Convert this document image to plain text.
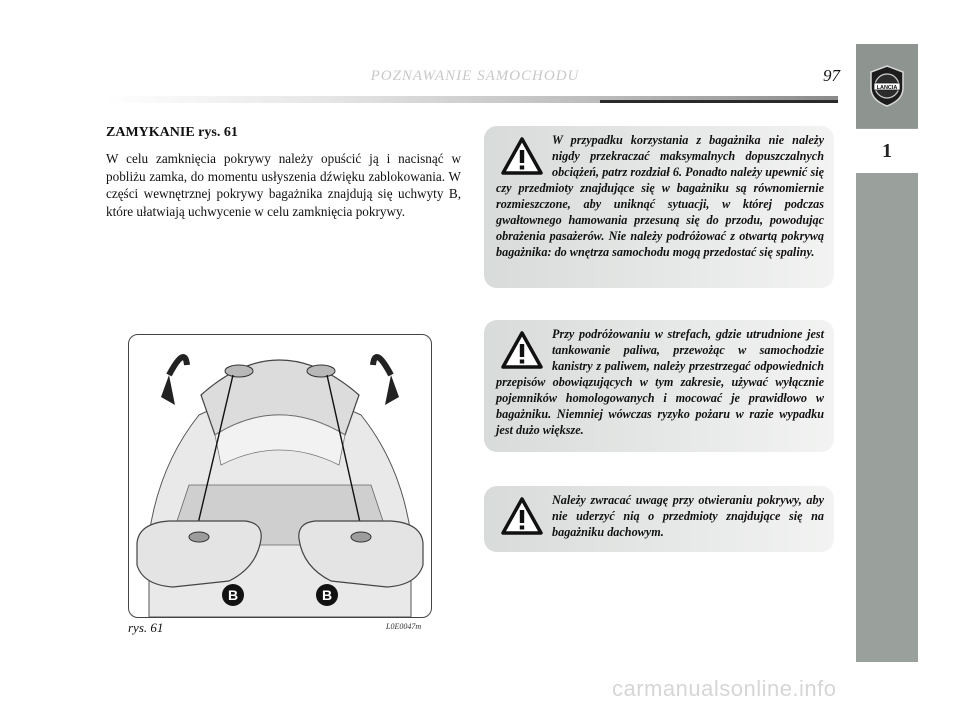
POZNAWANIE SAMOCHODU	97
LANCIA
1
ZAMYKANIE rys. 61
W celu zamknięcia pokrywy należy opuścić ją i nacisnąć w pobliżu zamka, do momentu usłyszenia dźwięku zablokowania. W części wewnętrznej pokrywy bagażnika znajdują się uchwyty B, które ułatwiają uchwycenie w celu zamknięcia pokrywy.
W przypadku korzystania z bagażnika nie należy nigdy przekraczać maksymalnych dopuszczalnych obciążeń, patrz rozdział 6. Ponadto należy upewnić się czy przedmioty znajdujące się w bagażniku są równomiernie rozmieszczone, aby uniknąć sytuacji, w której podczas gwałtownego hamowania przesuną się do przodu, powodując obrażenia pasażerów. Nie należy podróżować z otwartą pokrywą bagażnika: do wnętrza samochodu mogą przedostać się spaliny.
Przy podróżowaniu w strefach, gdzie utrudnione jest tankowanie paliwa, przewożąc w samochodzie kanistry z paliwem, należy przestrzegać odpowiednich przepisów obowiązujących w tym zakresie, używać wyłącznie pojemników homologowanych i mocować je prawidłowo w bagażniku. Niemniej wówczas ryzyko pożaru w razie wypadku jest dużo większe.
Należy zwracać uwagę przy otwieraniu pokrywy, aby nie uderzyć nią o przedmioty znajdujące się na bagażniku dachowym.
B	B
rys. 61	L0E0047m
carmanualsonline.info
